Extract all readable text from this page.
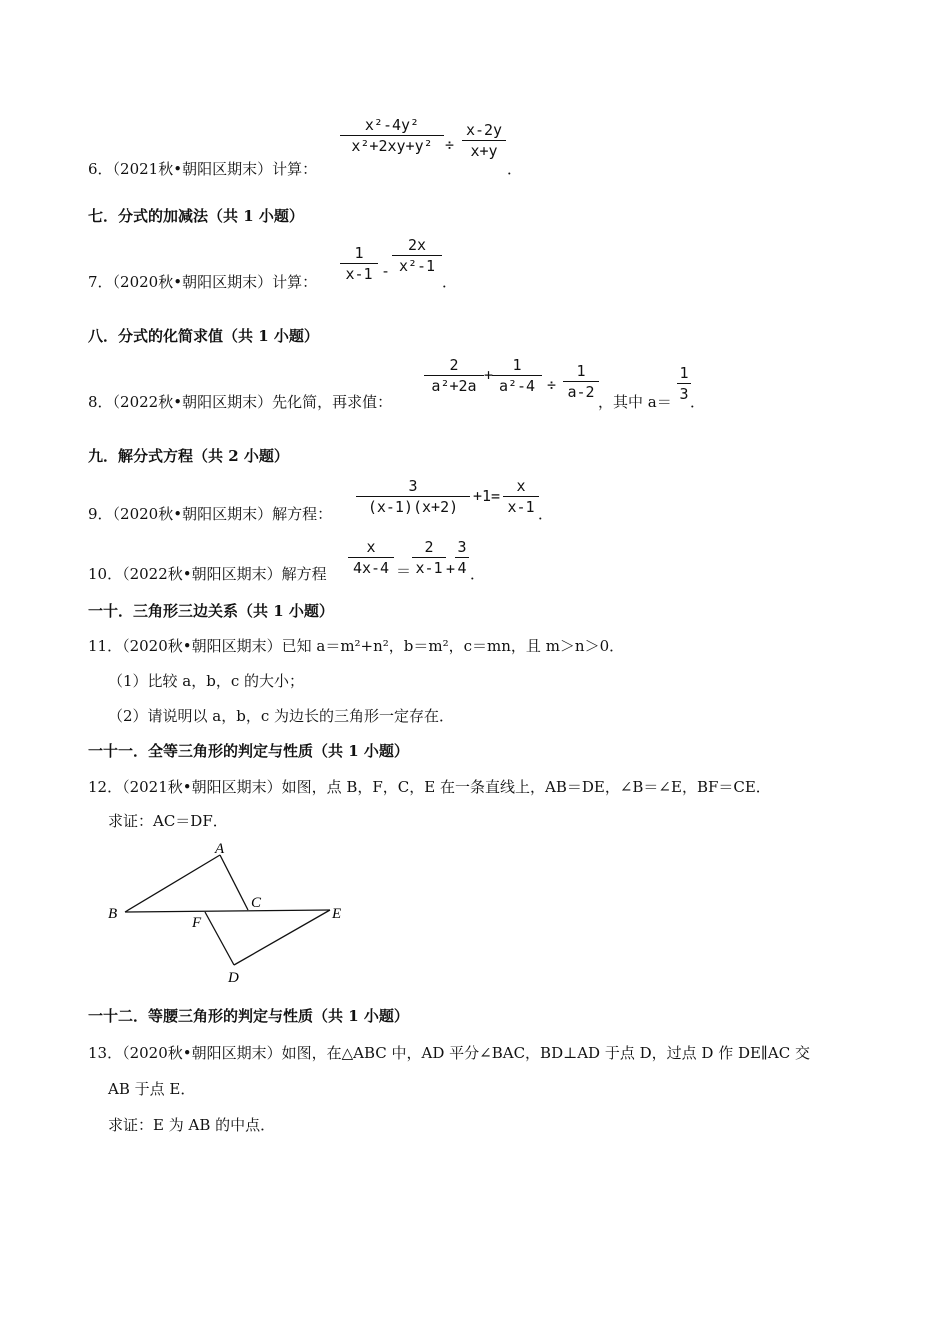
6．（2021秋•朝阳区期末）计算：
x²-4y²
x²+2xy+y² ÷
x-2y
x+y
．
七．分式的加减法（共 1 小题）
7．（2020秋•朝阳区期末）计算：
1
x-1 -
2x
x²-1
．
八．分式的化简求值（共 1 小题）
8．（2022秋•朝阳区期末）先化简，再求值：
2
a²+2a
+
1
a²-4 ÷
1
a-2
，其中 a＝
1
3 ．
九．解分式方程（共 2 小题）
9．（2020秋•朝阳区期末）解方程：
3
(x-1)(x+2)
+1=
x
x-1 ．
10．（2022秋•朝阳区期末）解方程
x
4x-4 ＝
2
x-1 +
3
4 ．
一十．三角形三边关系（共 1 小题）
11．（2020秋•朝阳区期末）已知 a＝m²+n²，b＝m²，c＝mn，且 m＞n＞0．
（1）比较 a，b，c 的大小；
（2）请说明以 a，b，c 为边长的三角形一定存在．
一十一．全等三角形的判定与性质（共 1 小题）
12．（2021秋•朝阳区期末）如图，点 B，F，C，E 在一条直线上，AB＝DE，∠B＝∠E，BF＝CE．
求证：AC＝DF．
A
B
C
D
E
F
一十二．等腰三角形的判定与性质（共 1 小题）
13．（2020秋•朝阳区期末）如图，在△ABC 中，AD 平分∠BAC，BD⊥AD 于点 D，过点 D 作 DE∥AC 交
AB 于点 E．
求证：E 为 AB 的中点．
